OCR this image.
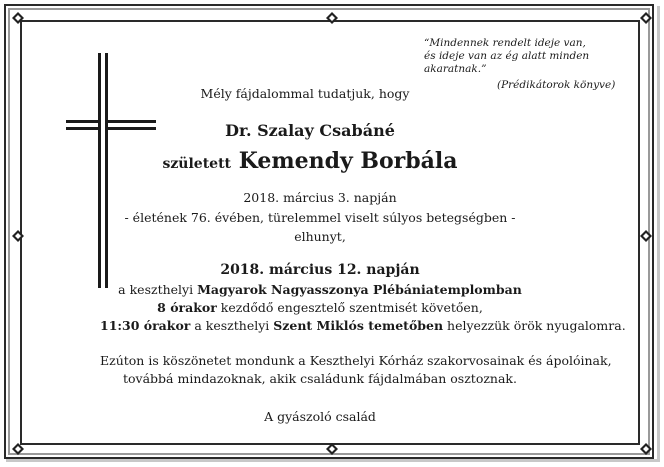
“Mindennek rendelt ideje van,
és ideje van az ég alatt minden
akaratnak.”
(Prédikátorok könyve)
Mély fájdalommal tudatjuk, hogy
Dr. Szalay Csabáné
született Kemendy Borbála
2018. március 3. napján
- életének 76. évében, türelemmel viselt súlyos betegségben -
elhunyt,
2018. március 12. napján
a keszthelyi Magyarok Nagyasszonya Plébániatemplomban
8 órakor kezdődő engesztelő szentmisét követően,
11:30 órakor a keszthelyi Szent Miklós temetőben helyezzük örök nyugalomra.
Ezúton is köszönetet mondunk a Keszthelyi Kórház szakorvosainak és ápolóinak,
továbbá mindazoknak, akik családunk fájdalmában osztoznak.
A gyászoló család
